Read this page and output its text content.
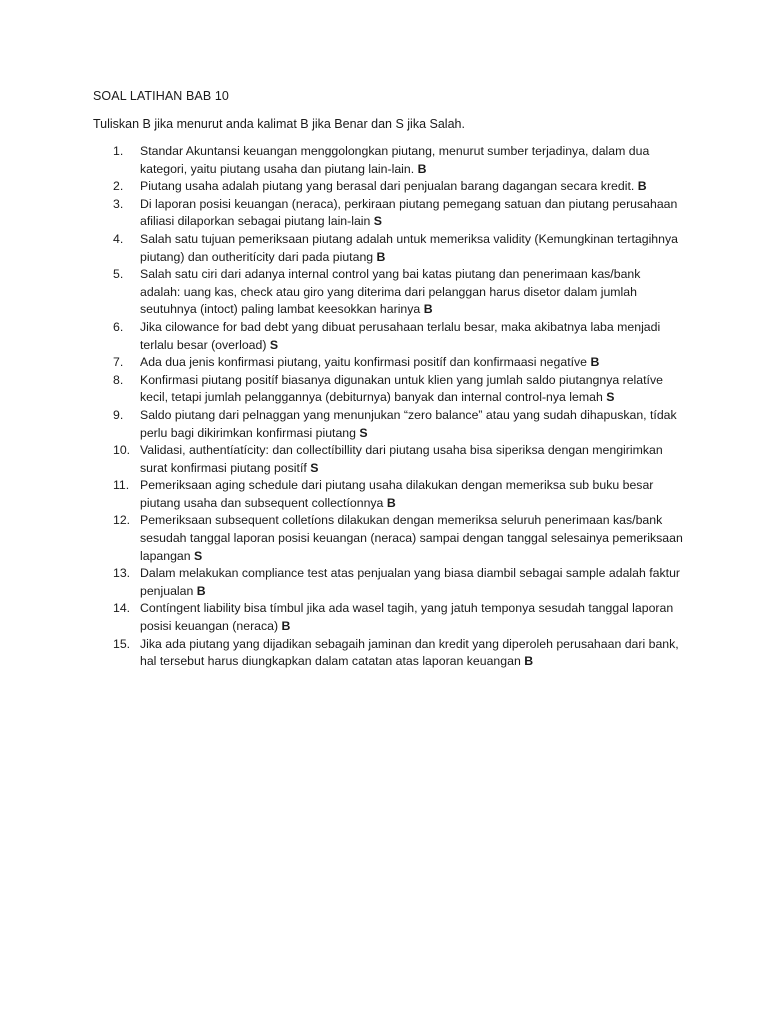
SOAL LATIHAN BAB 10
Tuliskan B jika menurut anda kalimat B jika Benar dan S jika Salah.
1.	Standar Akuntansi keuangan menggolongkan piutang, menurut sumber terjadinya, dalam dua kategori, yaitu piutang usaha dan piutang lain-lain. B
2.	Piutang usaha adalah piutang yang berasal dari penjualan barang dagangan secara kredit. B
3.	Di laporan posisi keuangan (neraca), perkiraan piutang pemegang satuan dan piutang perusahaan afiliasi dilaporkan sebagai piutang lain-lain S
4.	Salah satu tujuan pemeriksaan piutang adalah untuk memeriksa validity (Kemungkinan tertagihnya piutang) dan outheritícity dari pada piutang B
5.	Salah satu ciri dari adanya internal control yang bai katas piutang dan penerimaan kas/bank adalah: uang kas, check atau giro yang diterima dari pelanggan harus disetor dalam jumlah seutuhnya (intoct) paling lambat keesokkan harinya B
6.	Jika cilowance for bad debt yang dibuat perusahaan terlalu besar, maka akibatnya laba menjadi terlalu besar (overload) S
7.	Ada dua jenis konfirmasi piutang, yaitu konfirmasi positíf dan konfirmaasi negatíve B
8.	Konfirmasi piutang positíf biasanya digunakan untuk klien yang jumlah saldo piutangnya relatíve kecil, tetapi jumlah pelanggannya (debiturnya) banyak dan internal control-nya lemah S
9.	Saldo piutang dari pelnaggan yang menunjukan “zero balance” atau yang sudah dihapuskan, tídak perlu bagi dikirimkan konfirmasi piutang S
10. Validasi, authentíatícity: dan collectíbillity dari piutang usaha bisa siperiksa dengan mengirimkan surat konfirmasi piutang positíf S
11. Pemeriksaan aging schedule dari piutang usaha dilakukan dengan memeriksa sub buku besar piutang usaha dan subsequent collectíonnya B
12. Pemeriksaan subsequent colletíons dilakukan dengan memeriksa seluruh penerimaan kas/bank sesudah tanggal laporan posisi keuangan (neraca) sampai dengan tanggal selesainya pemeriksaan lapangan S
13. Dalam melakukan compliance test atas penjualan yang biasa diambil sebagai sample adalah faktur penjualan B
14. Contíngent liability bisa tímbul jika ada wasel tagih, yang jatuh temponya sesudah tanggal laporan posisi keuangan (neraca) B
15. Jika ada piutang yang dijadikan sebagaih jaminan dan kredit yang diperoleh perusahaan dari bank, hal tersebut harus diungkapkan dalam catatan atas laporan keuangan B
